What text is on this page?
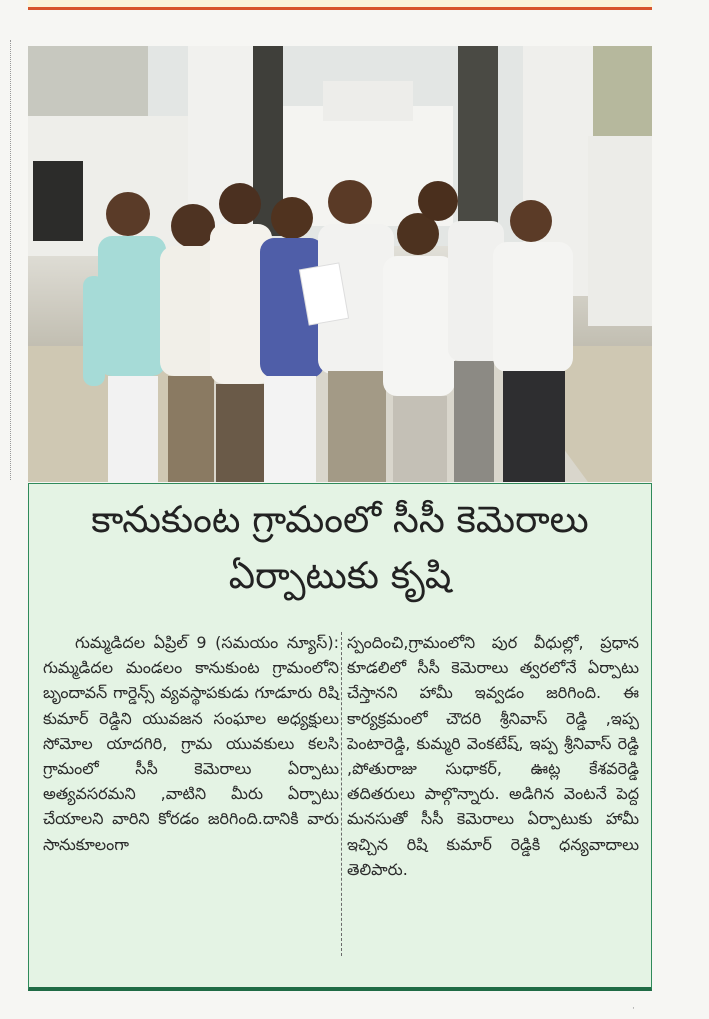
కానుకుంట గ్రామంలో సీసీ కెమెరాలు
ఏర్పాటుకు కృషి

గుమ్మడిదల ఏప్రిల్ 9 (సమయం న్యూస్): గుమ్మడిదల మండలం కానుకుంట గ్రామంలోని బృందావన్ గార్డెన్స్ వ్యవస్థాపకుడు గూడూరు రిషి కుమార్ రెడ్డిని యువజన సంఘాల అధ్యక్షులు సోమోల యాదగిరి, గ్రామ యువకులు కలసి గ్రామంలో సీసీ కెమెరాలు ఏర్పాటు అత్యవసరమని ,వాటిని మీరు ఏర్పాటు చేయాలని వారిని కోరడం జరిగింది.దానికి వారు సానుకూలంగా

స్పందించి,గ్రామంలోని పుర వీధుల్లో, ప్రధాన కూడలిలో సీసీ కెమెరాలు త్వరలోనే ఏర్పాటు చేస్తానని హామీ ఇవ్వడం జరిగింది. ఈ కార్యక్రమంలో చౌదరి శ్రీనివాస్ రెడ్డి ,ఇప్ప పెంటారెడ్డి, కుమ్మరి వెంకటేష్, ఇప్ప శ్రీనివాస్ రెడ్డి ,పోతురాజు సుధాకర్, ఊట్ల కేశవరెడ్డి తదితరులు పాల్గొన్నారు. అడిగిన వెంటనే పెద్ద మనసుతో సీసీ కెమెరాలు ఏర్పాటుకు హామీ ఇచ్చిన రిషి కుమార్ రెడ్డికి ధన్యవాదాలు తెలిపారు.

·
